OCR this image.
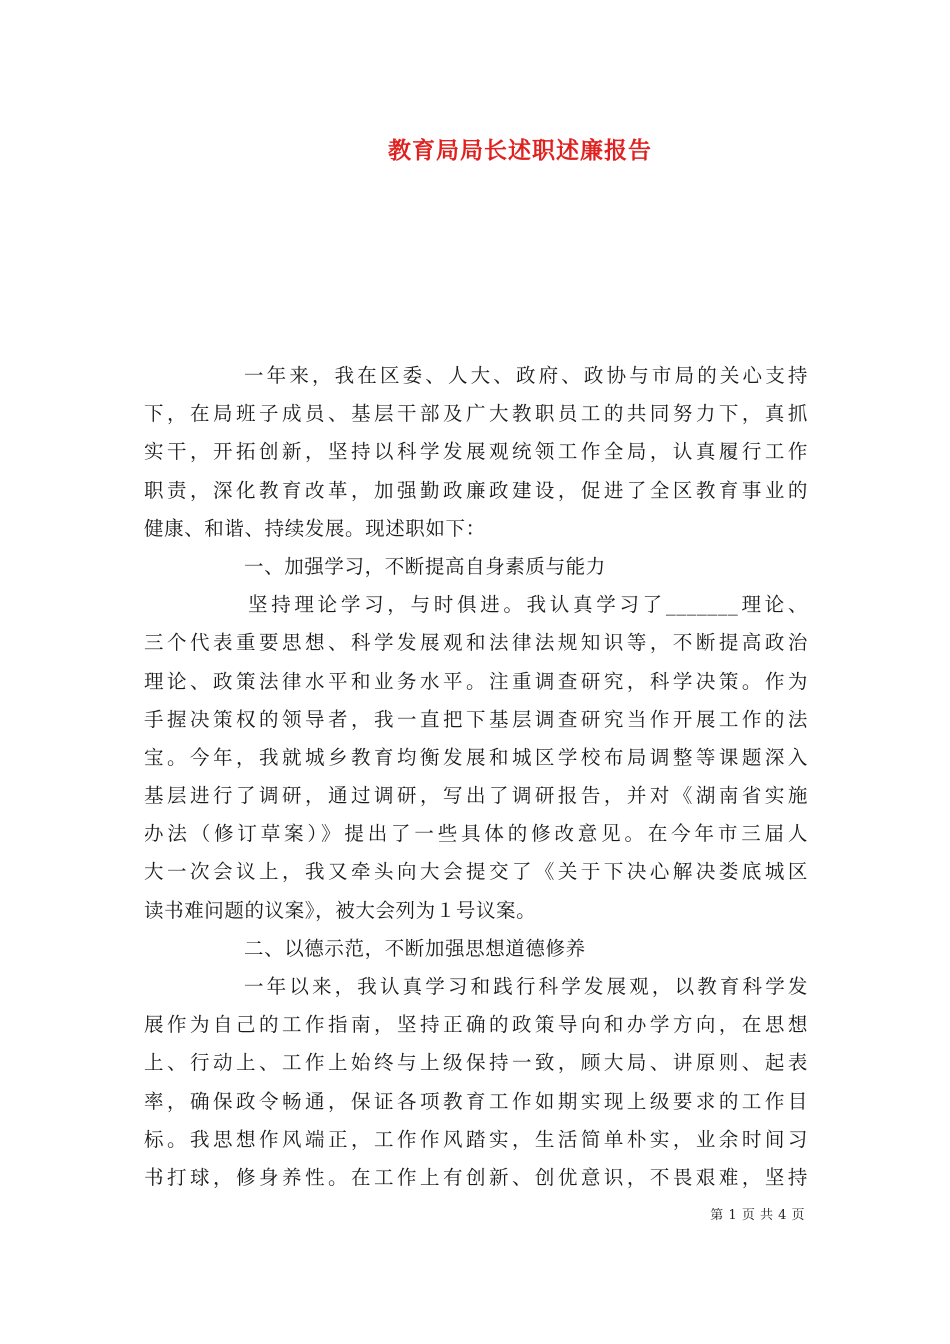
教育局局长述职述廉报告
一年来，我在区委、人大、政府、政协与市局的关心支持
下，在局班子成员、基层干部及广大教职员工的共同努力下，真抓
实干，开拓创新，坚持以科学发展观统领工作全局，认真履行工作
职责，深化教育改革，加强勤政廉政建设，促进了全区教育事业的
健康、和谐、持续发展。现述职如下：
一、加强学习，不断提高自身素质与能力
坚持理论学习，与时俱进。我认真学习了_______理论、
三个代表重要思想、科学发展观和法律法规知识等，不断提高政治
理论、政策法律水平和业务水平。注重调查研究，科学决策。作为
手握决策权的领导者，我一直把下基层调查研究当作开展工作的法
宝。今年，我就城乡教育均衡发展和城区学校布局调整等课题深入
基层进行了调研，通过调研，写出了调研报告，并对《湖南省实施
办法（修订草案）》提出了一些具体的修改意见。在今年市三届人
大一次会议上，我又牵头向大会提交了《关于下决心解决娄底城区
读书难问题的议案》，被大会列为１号议案。
二、以德示范，不断加强思想道德修养
一年以来，我认真学习和践行科学发展观，以教育科学发
展作为自己的工作指南，坚持正确的政策导向和办学方向，在思想
上、行动上、工作上始终与上级保持一致，顾大局、讲原则、起表
率，确保政令畅通，保证各项教育工作如期实现上级要求的工作目
标。我思想作风端正，工作作风踏实，生活简单朴实，业余时间习
书打球，修身养性。在工作上有创新、创优意识，不畏艰难，坚持
第 1 页 共 4 页
